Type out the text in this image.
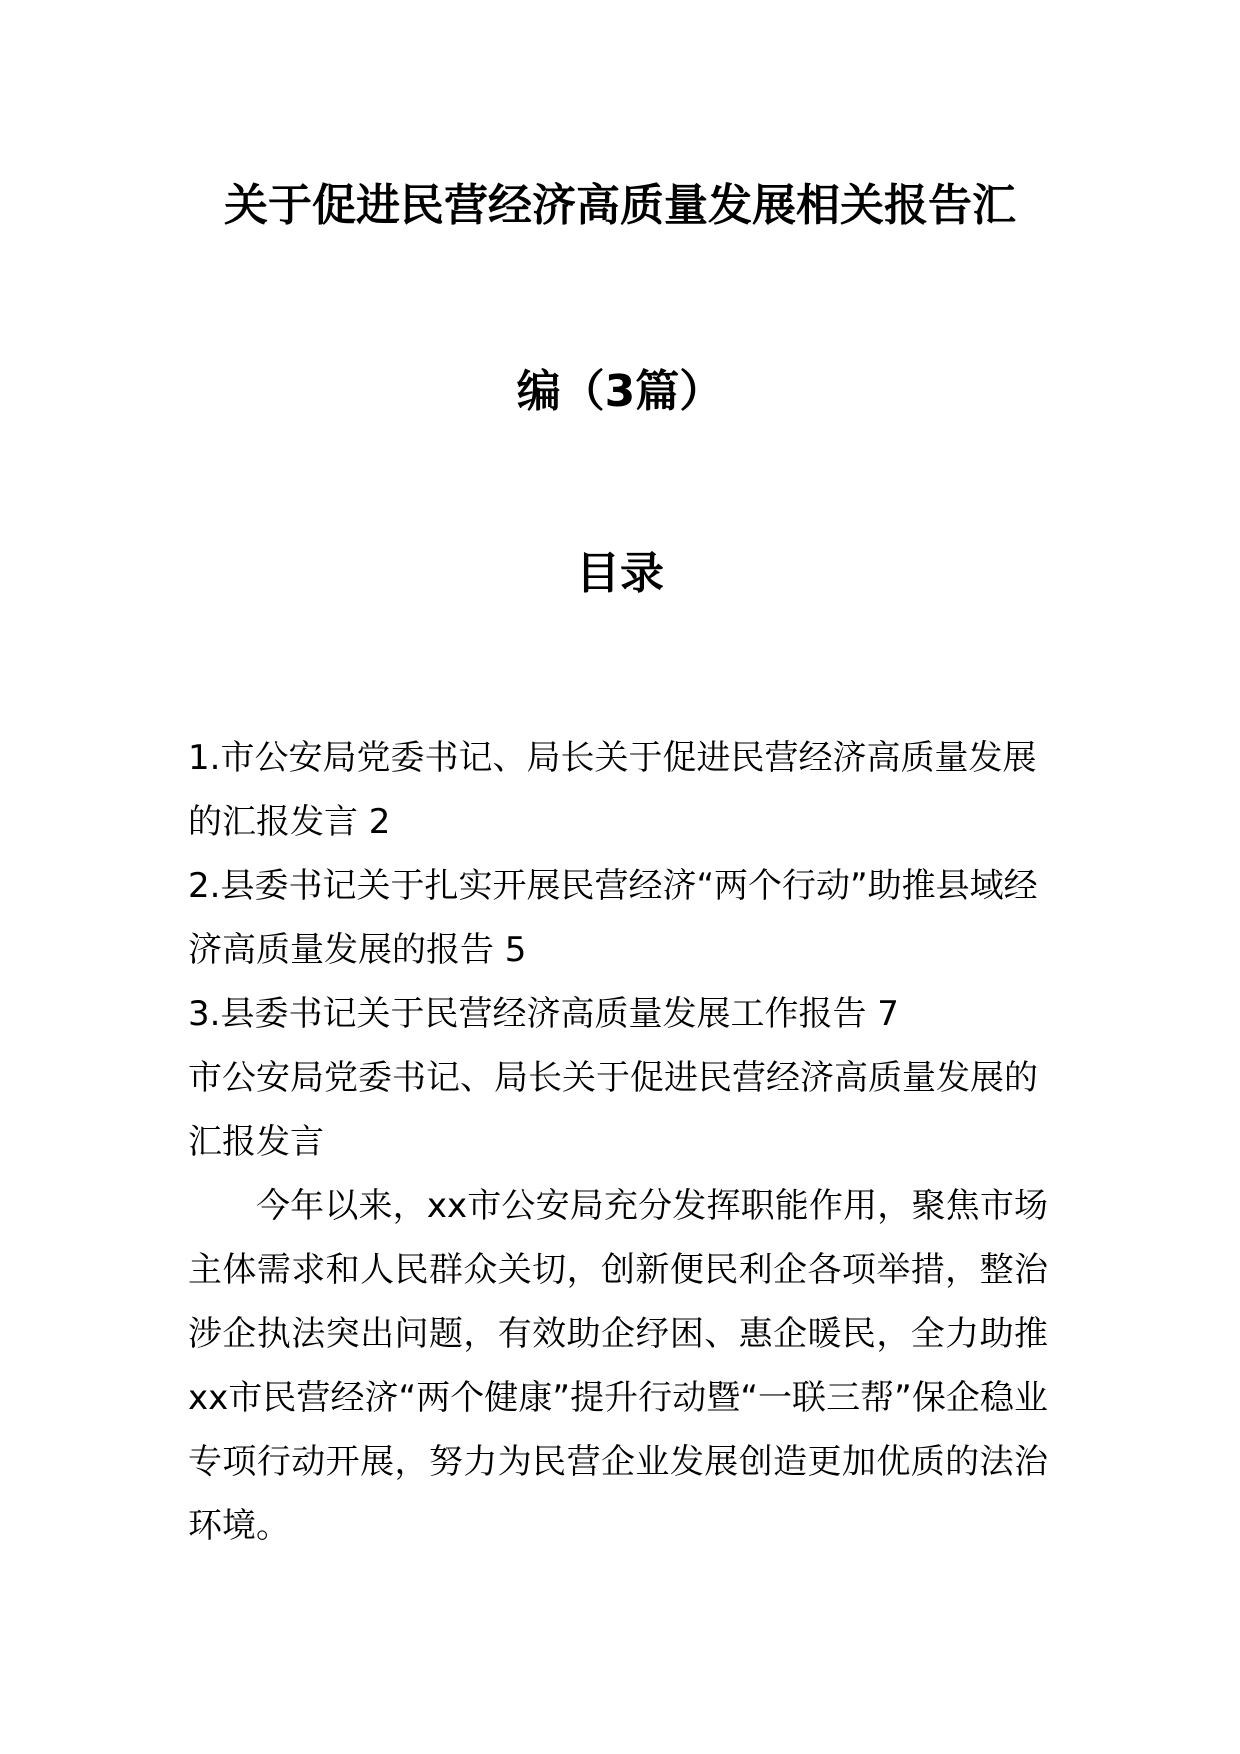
关于促进民营经济高质量发展相关报告汇
编（3篇）
目录
1.市公安局党委书记、局长关于促进民营经济高质量发展的汇报发言 2
2.县委书记关于扎实开展民营经济“两个行动”助推县域经济高质量发展的报告 5
3.县委书记关于民营经济高质量发展工作报告 7
市公安局党委书记、局长关于促进民营经济高质量发展的汇报发言

今年以来，xx市公安局充分发挥职能作用，聚焦市场主体需求和人民群众关切，创新便民利企各项举措，整治涉企执法突出问题，有效助企纾困、惠企暖民，全力助推xx市民营经济“两个健康”提升行动暨“一联三帮”保企稳业专项行动开展，努力为民营企业发展创造更加优质的法治环境。
